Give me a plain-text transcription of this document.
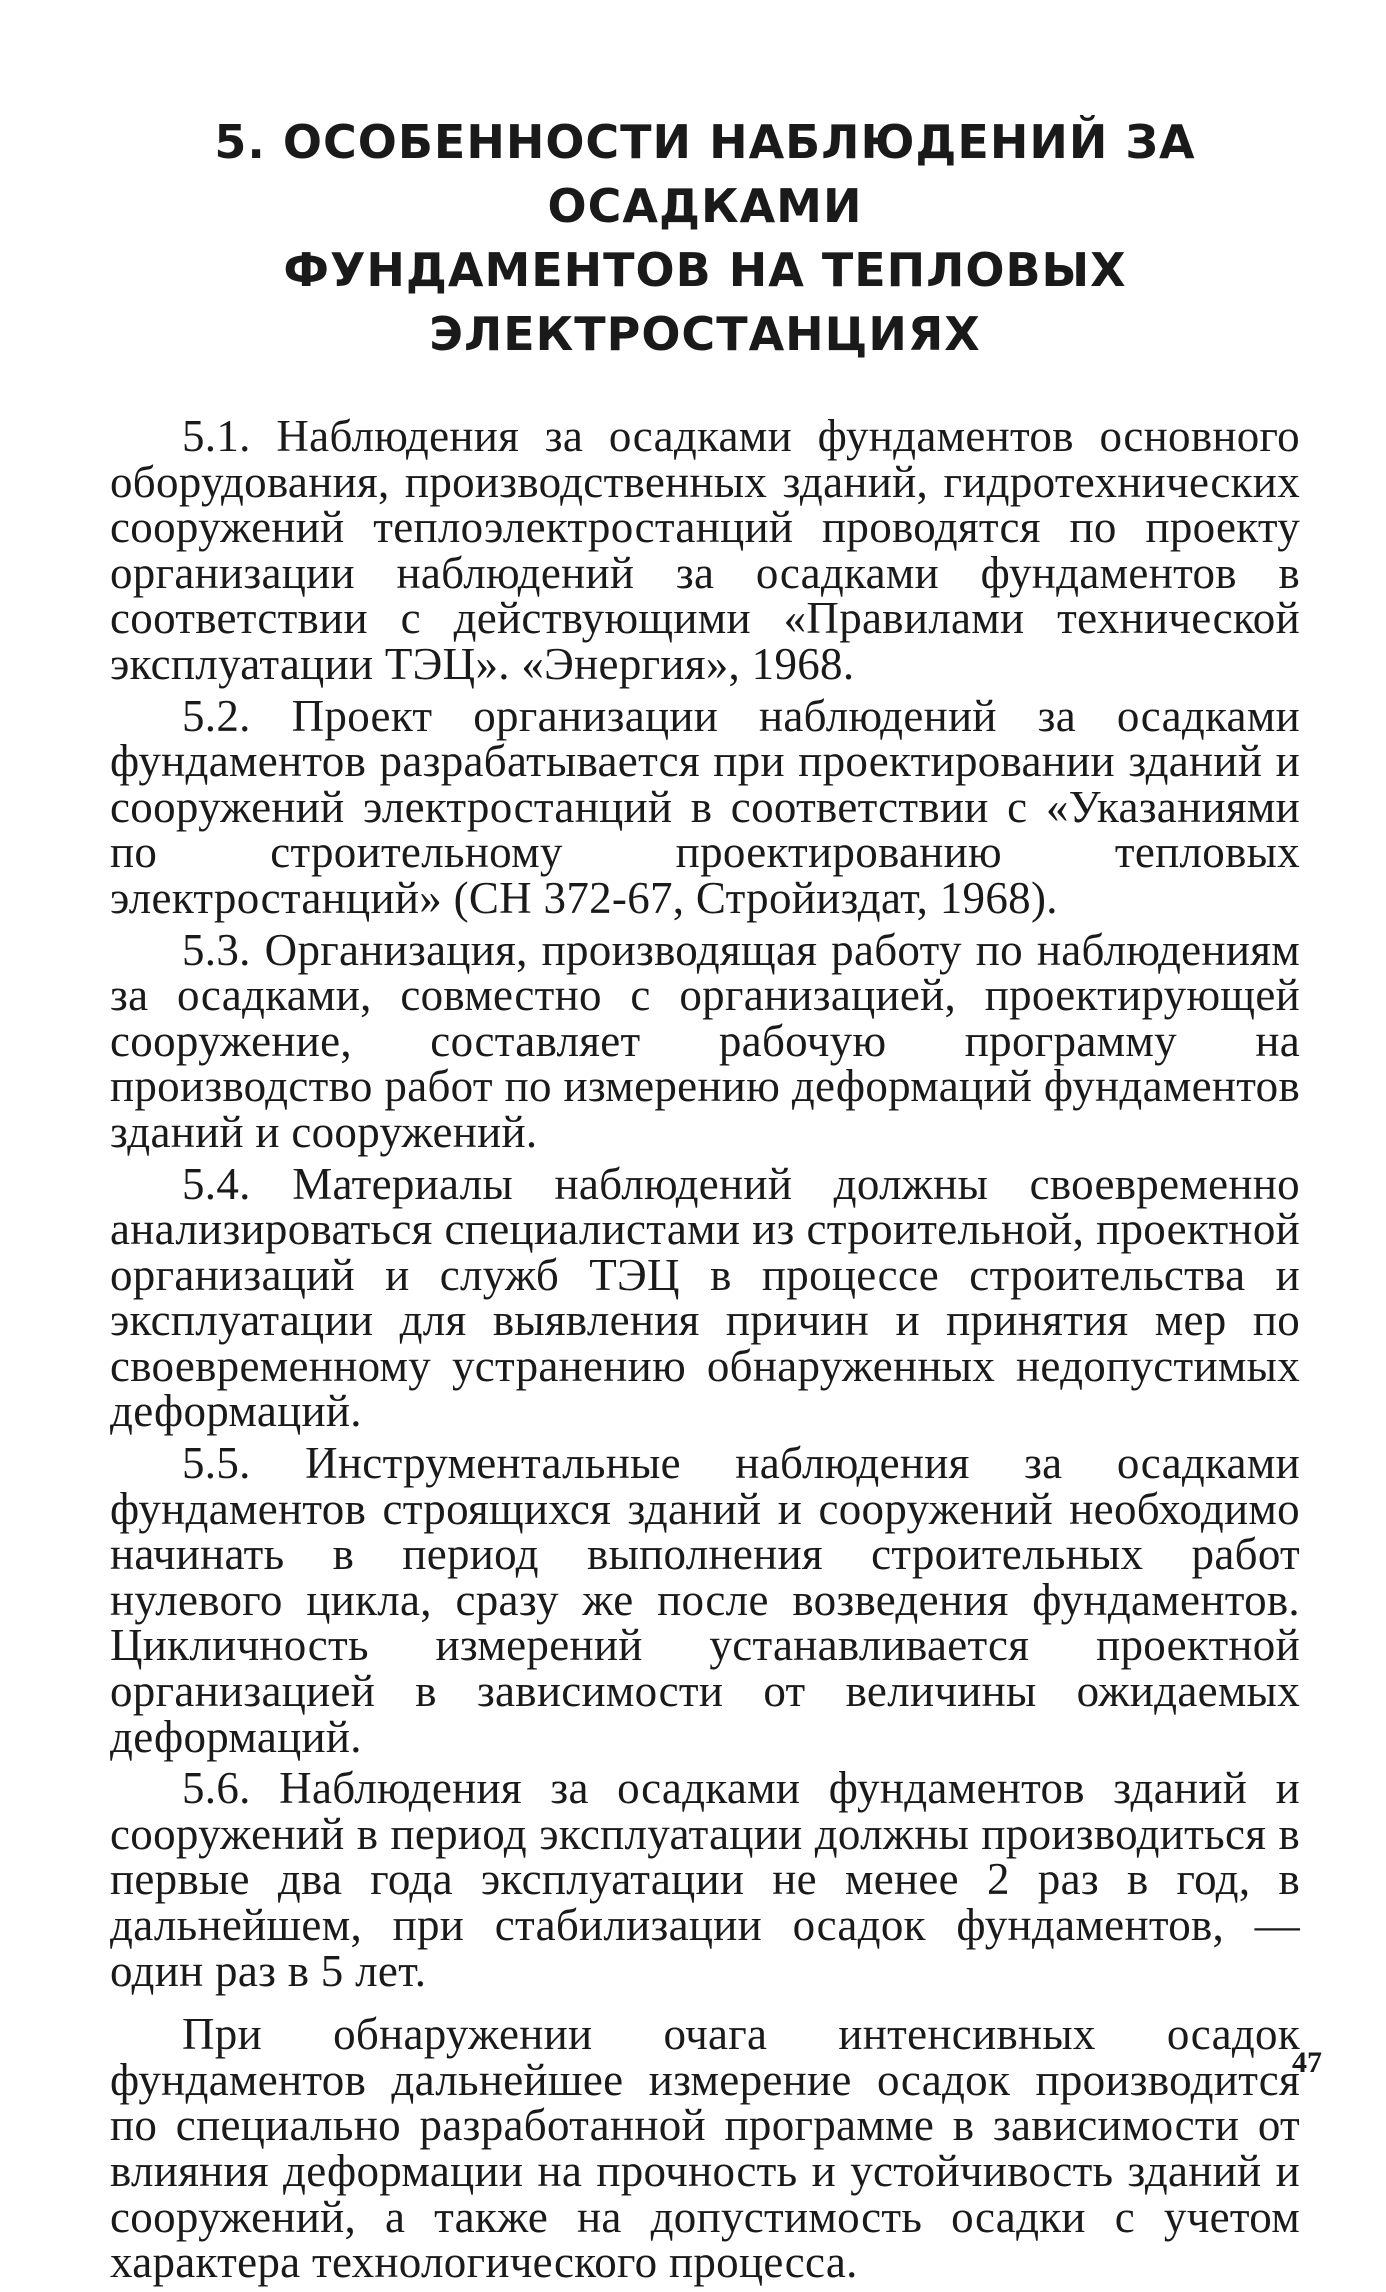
5. ОСОБЕННОСТИ НАБЛЮДЕНИЙ ЗА ОСАДКАМИ
ФУНДАМЕНТОВ НА ТЕПЛОВЫХ
ЭЛЕКТРОСТАНЦИЯХ

5.1. Наблюдения за осадками фундаментов основного оборудования, производственных зданий, гидротехнических сооружений теплоэлектростанций проводятся по проекту организации наблюдений за осадками фундаментов в соответствии с действующими «Правилами технической эксплуатации ТЭЦ». «Энергия», 1968.

5.2. Проект организации наблюдений за осадками фундаментов разрабатывается при проектировании зданий и сооружений электростанций в соответствии с «Указаниями по строительному проектированию тепловых электростанций» (СН 372-67, Стройиздат, 1968).

5.3. Организация, производящая работу по наблюдениям за осадками, совместно с организацией, проектирующей сооружение, составляет рабочую программу на производство работ по измерению деформаций фундаментов зданий и сооружений.

5.4. Материалы наблюдений должны своевременно анализироваться специалистами из строительной, проектной организаций и служб ТЭЦ в процессе строительства и эксплуатации для выявления причин и принятия мер по своевременному устранению обнаруженных недопустимых деформаций.

5.5. Инструментальные наблюдения за осадками фундаментов строящихся зданий и сооружений необходимо начинать в период выполнения строительных работ нулевого цикла, сразу же после возведения фундаментов. Цикличность измерений устанавливается проектной организацией в зависимости от величины ожидаемых деформаций.

5.6. Наблюдения за осадками фундаментов зданий и сооружений в период эксплуатации должны производиться в первые два года эксплуатации не менее 2 раз в год, в дальнейшем, при стабилизации осадок фундаментов, — один раз в 5 лет.

При обнаружении очага интенсивных осадок фундаментов дальнейшее измерение осадок производится по специально разработанной программе в зависимости от влияния деформации на прочность и устойчивость зданий и сооружений, а также на допустимость осадки с учетом характера технологического процесса.

47
